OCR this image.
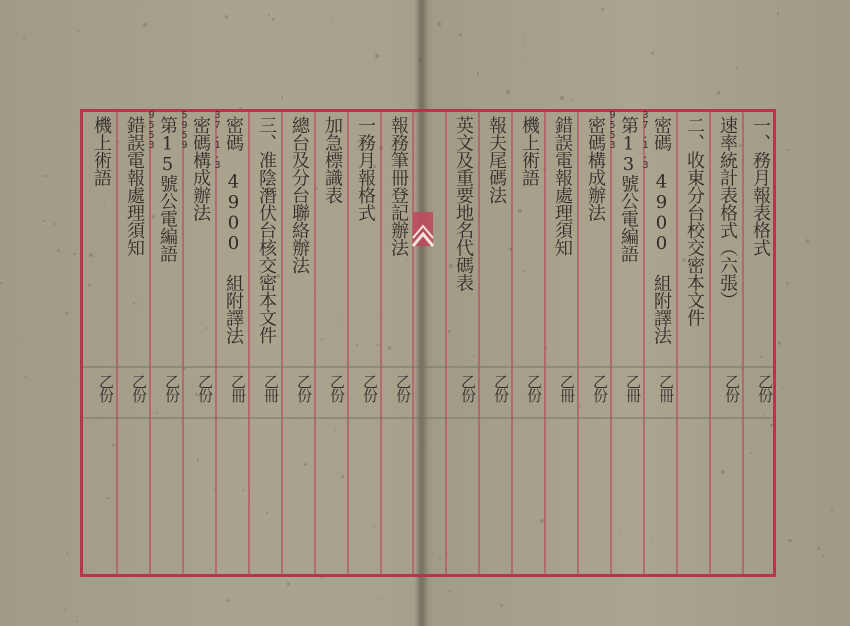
機上術語
乙份
錯誤電報處理須知
乙份
第15號公電編語
9553
乙份
密碼構成辦法
5959
乙份
密碼 4900 組附譯法
37.1.3
乙冊
三、准陰潛伏台核交密本文件
乙冊
總台及分台聯絡辦法
乙份
加急標識表
乙份
一務月報格式
乙份
報務筆冊登記辦法
乙份
英文及重要地名代碼表
乙份
報夫尾碼法
乙份
機上術語
乙份
錯誤電報處理須知
乙冊
密碼構成辦法
乙份
第13號公電編語
9553
乙冊
密碼 4900 組附譯法
37.1.3
乙冊
二、收東分台校交密本文件 速率統計表格式（六張）
乙份
一、務月報表格式
乙份
